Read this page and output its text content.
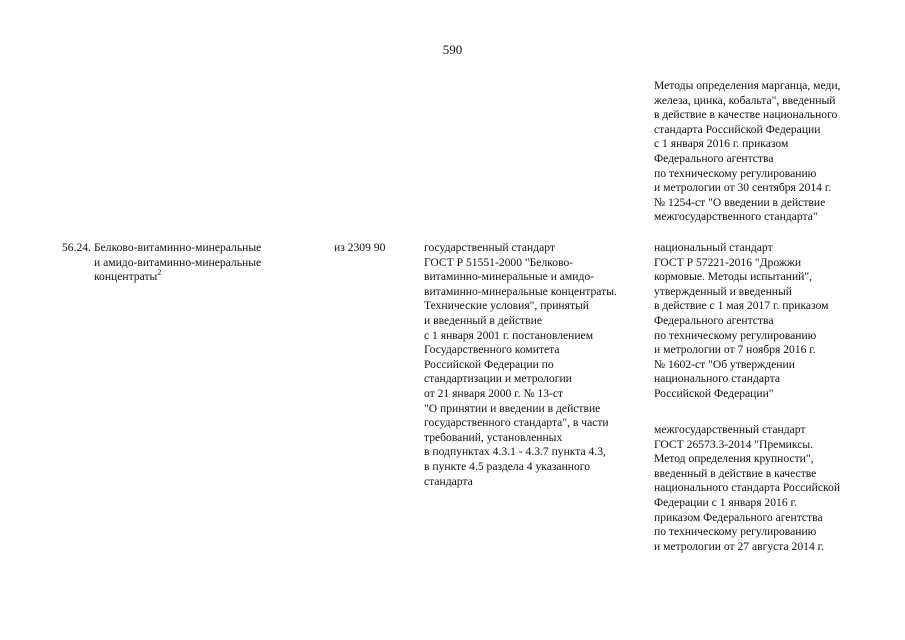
590
Методы определения марганца, меди,
железа, цинка, кобальта", введенный
в действие в качестве национального
стандарта Российской Федерации
с 1 января 2016 г. приказом
Федерального агентства
по техническому регулированию
и метрологии от 30 сентября 2014 г.
№ 1254-ст "О введении в действие
межгосударственного стандарта"
56.24. Белково-витаминно-минеральные
и амидо-витаминно-минеральные
концентраты$^2$
из 2309 90	государственный стандарт
ГОСТ Р 51551-2000 "Белково-
витаминно-минеральные и амидо-
витаминно-минеральные концентраты.
Технические условия", принятый
и введенный в действие
с 1 января 2001 г. постановлением
Государственного комитета
Российской Федерации по
стандартизации и метрологии
от 21 января 2000 г. № 13-ст
"О принятии и введении в действие
государственного стандарта", в части
требований, установленных
в подпунктах 4.3.1 - 4.3.7 пункта 4.3,
в пункте 4.5 раздела 4 указанного
стандарта
национальный стандарт
ГОСТ Р 57221-2016 "Дрожжи
кормовые. Методы испытаний",
утвержденный и введенный
в действие с 1 мая 2017 г. приказом
Федерального агентства
по техническому регулированию
и метрологии от 7 ноября 2016 г.
№ 1602-ст "Об утверждении
национального стандарта
Российской Федерации"
межгосударственный стандарт
ГОСТ 26573.3-2014 "Премиксы.
Метод определения крупности",
введенный в действие в качестве
национального стандарта Российской
Федерации с 1 января 2016 г.
приказом Федерального агентства
по техническому регулированию
и метрологии от 27 августа 2014 г.
